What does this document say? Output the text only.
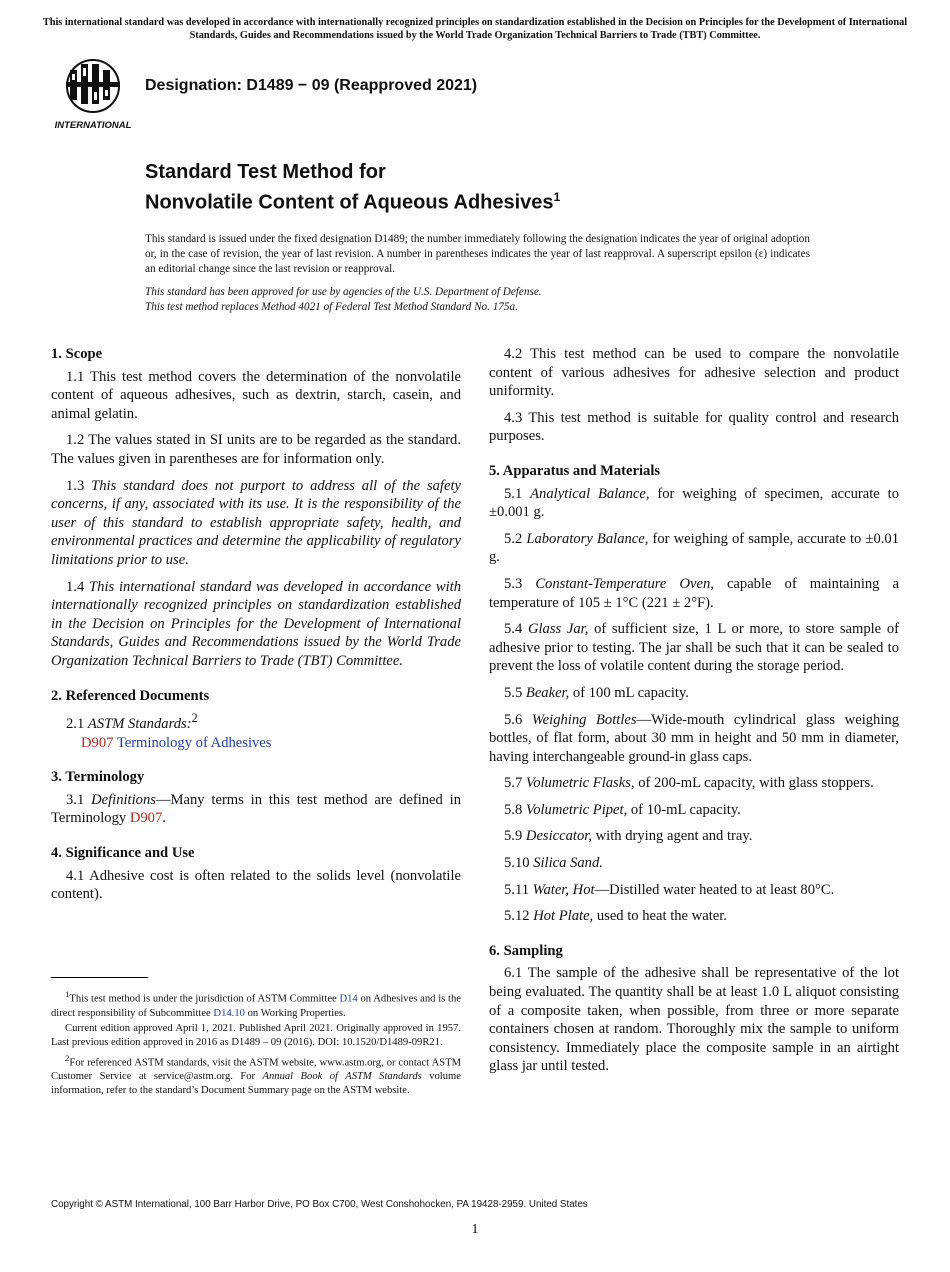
This international standard was developed in accordance with internationally recognized principles on standardization established in the Decision on Principles for the Development of International Standards, Guides and Recommendations issued by the World Trade Organization Technical Barriers to Trade (TBT) Committee.
INTERNATIONAL
Designation: D1489 − 09 (Reapproved 2021)
Standard Test Method for
Nonvolatile Content of Aqueous Adhesives$^1$

This standard is issued under the fixed designation D1489; the number immediately following the designation indicates the year of original adoption or, in the case of revision, the year of last revision. A number in parentheses indicates the year of last reapproval. A superscript epsilon (ε) indicates an editorial change since the last revision or reapproval.

This standard has been approved for use by agencies of the U.S. Department of Defense.

This test method replaces Method 4021 of Federal Test Method Standard No. 175a.

1. Scope

1.1 This test method covers the determination of the nonvolatile content of aqueous adhesives, such as dextrin, starch, casein, and animal gelatin.

1.2 The values stated in SI units are to be regarded as the standard. The values given in parentheses are for information only.

1.3 This standard does not purport to address all of the safety concerns, if any, associated with its use. It is the responsibility of the user of this standard to establish appropriate safety, health, and environmental practices and determine the applicability of regulatory limitations prior to use.

1.4 This international standard was developed in accordance with internationally recognized principles on standardization established in the Decision on Principles for the Development of International Standards, Guides and Recommendations issued by the World Trade Organization Technical Barriers to Trade (TBT) Committee.

2. Referenced Documents

2.1 ASTM Standards:$^2$

D907 Terminology of Adhesives

3. Terminology

3.1 Definitions—Many terms in this test method are defined in Terminology D907.

4. Significance and Use

4.1 Adhesive cost is often related to the solids level (nonvolatile content).

$^1$This test method is under the jurisdiction of ASTM Committee D14 on Adhesives and is the direct responsibility of Subcommittee D14.10 on Working Properties.

Current edition approved April 1, 2021. Published April 2021. Originally approved in 1957. Last previous edition approved in 2016 as D1489 – 09 (2016). DOI: 10.1520/D1489-09R21.

$^2$For referenced ASTM standards, visit the ASTM website, www.astm.org, or contact ASTM Customer Service at service@astm.org. For Annual Book of ASTM Standards volume information, refer to the standard’s Document Summary page on the ASTM website.

4.2 This test method can be used to compare the nonvolatile content of various adhesives for adhesive selection and product uniformity.

4.3 This test method is suitable for quality control and research purposes.

5. Apparatus and Materials

5.1 Analytical Balance, for weighing of specimen, accurate to ±0.001 g.

5.2 Laboratory Balance, for weighing of sample, accurate to ±0.01 g.

5.3 Constant-Temperature Oven, capable of maintaining a temperature of 105 ± 1°C (221 ± 2°F).

5.4 Glass Jar, of sufficient size, 1 L or more, to store sample of adhesive prior to testing. The jar shall be such that it can be sealed to prevent the loss of volatile content during the storage period.

5.5 Beaker, of 100 mL capacity.

5.6 Weighing Bottles—Wide-mouth cylindrical glass weighing bottles, of flat form, about 30 mm in height and 50 mm in diameter, having interchangeable ground-in glass caps.

5.7 Volumetric Flasks, of 200-mL capacity, with glass stoppers.

5.8 Volumetric Pipet, of 10-mL capacity.

5.9 Desiccator, with drying agent and tray.

5.10 Silica Sand.

5.11 Water, Hot—Distilled water heated to at least 80°C.

5.12 Hot Plate, used to heat the water.

6. Sampling

6.1 The sample of the adhesive shall be representative of the lot being evaluated. The quantity shall be at least 1.0 L aliquot consisting of a composite taken, when possible, from three or more separate containers chosen at random. Thoroughly mix the sample to uniform consistency. Immediately place the composite sample in an airtight glass jar until tested.

Copyright © ASTM International, 100 Barr Harbor Drive, PO Box C700, West Conshohocken, PA 19428-2959. United States
1
